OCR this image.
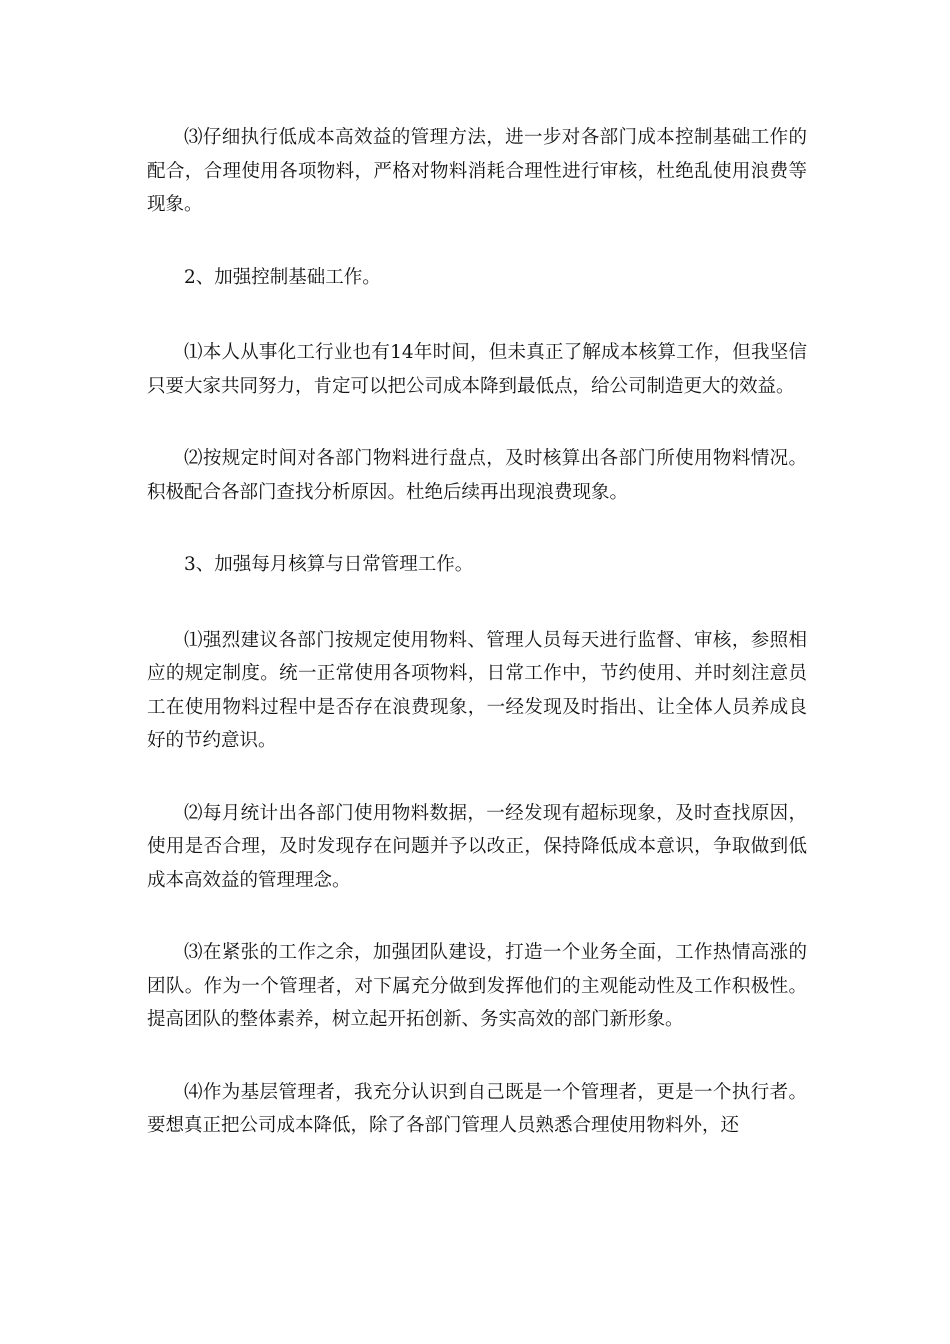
⑶仔细执行低成本高效益的管理方法，进一步对各部门成本控制基础工作的配合，合理使用各项物料，严格对物料消耗合理性进行审核，杜绝乱使用浪费等现象。

2、加强控制基础工作。

⑴本人从事化工行业也有14年时间，但未真正了解成本核算工作，但我坚信只要大家共同努力，肯定可以把公司成本降到最低点，给公司制造更大的效益。

⑵按规定时间对各部门物料进行盘点，及时核算出各部门所使用物料情况。积极配合各部门查找分析原因。杜绝后续再出现浪费现象。

3、加强每月核算与日常管理工作。

⑴强烈建议各部门按规定使用物料、管理人员每天进行监督、审核，参照相应的规定制度。统一正常使用各项物料，日常工作中，节约使用、并时刻注意员工在使用物料过程中是否存在浪费现象，一经发现及时指出、让全体人员养成良好的节约意识。

⑵每月统计出各部门使用物料数据，一经发现有超标现象，及时查找原因，使用是否合理，及时发现存在问题并予以改正，保持降低成本意识，争取做到低成本高效益的管理理念。

⑶在紧张的工作之余，加强团队建设，打造一个业务全面，工作热情高涨的团队。作为一个管理者，对下属充分做到发挥他们的主观能动性及工作积极性。提高团队的整体素养，树立起开拓创新、务实高效的部门新形象。

⑷作为基层管理者，我充分认识到自己既是一个管理者，更是一个执行者。要想真正把公司成本降低，除了各部门管理人员熟悉合理使用物料外，还
